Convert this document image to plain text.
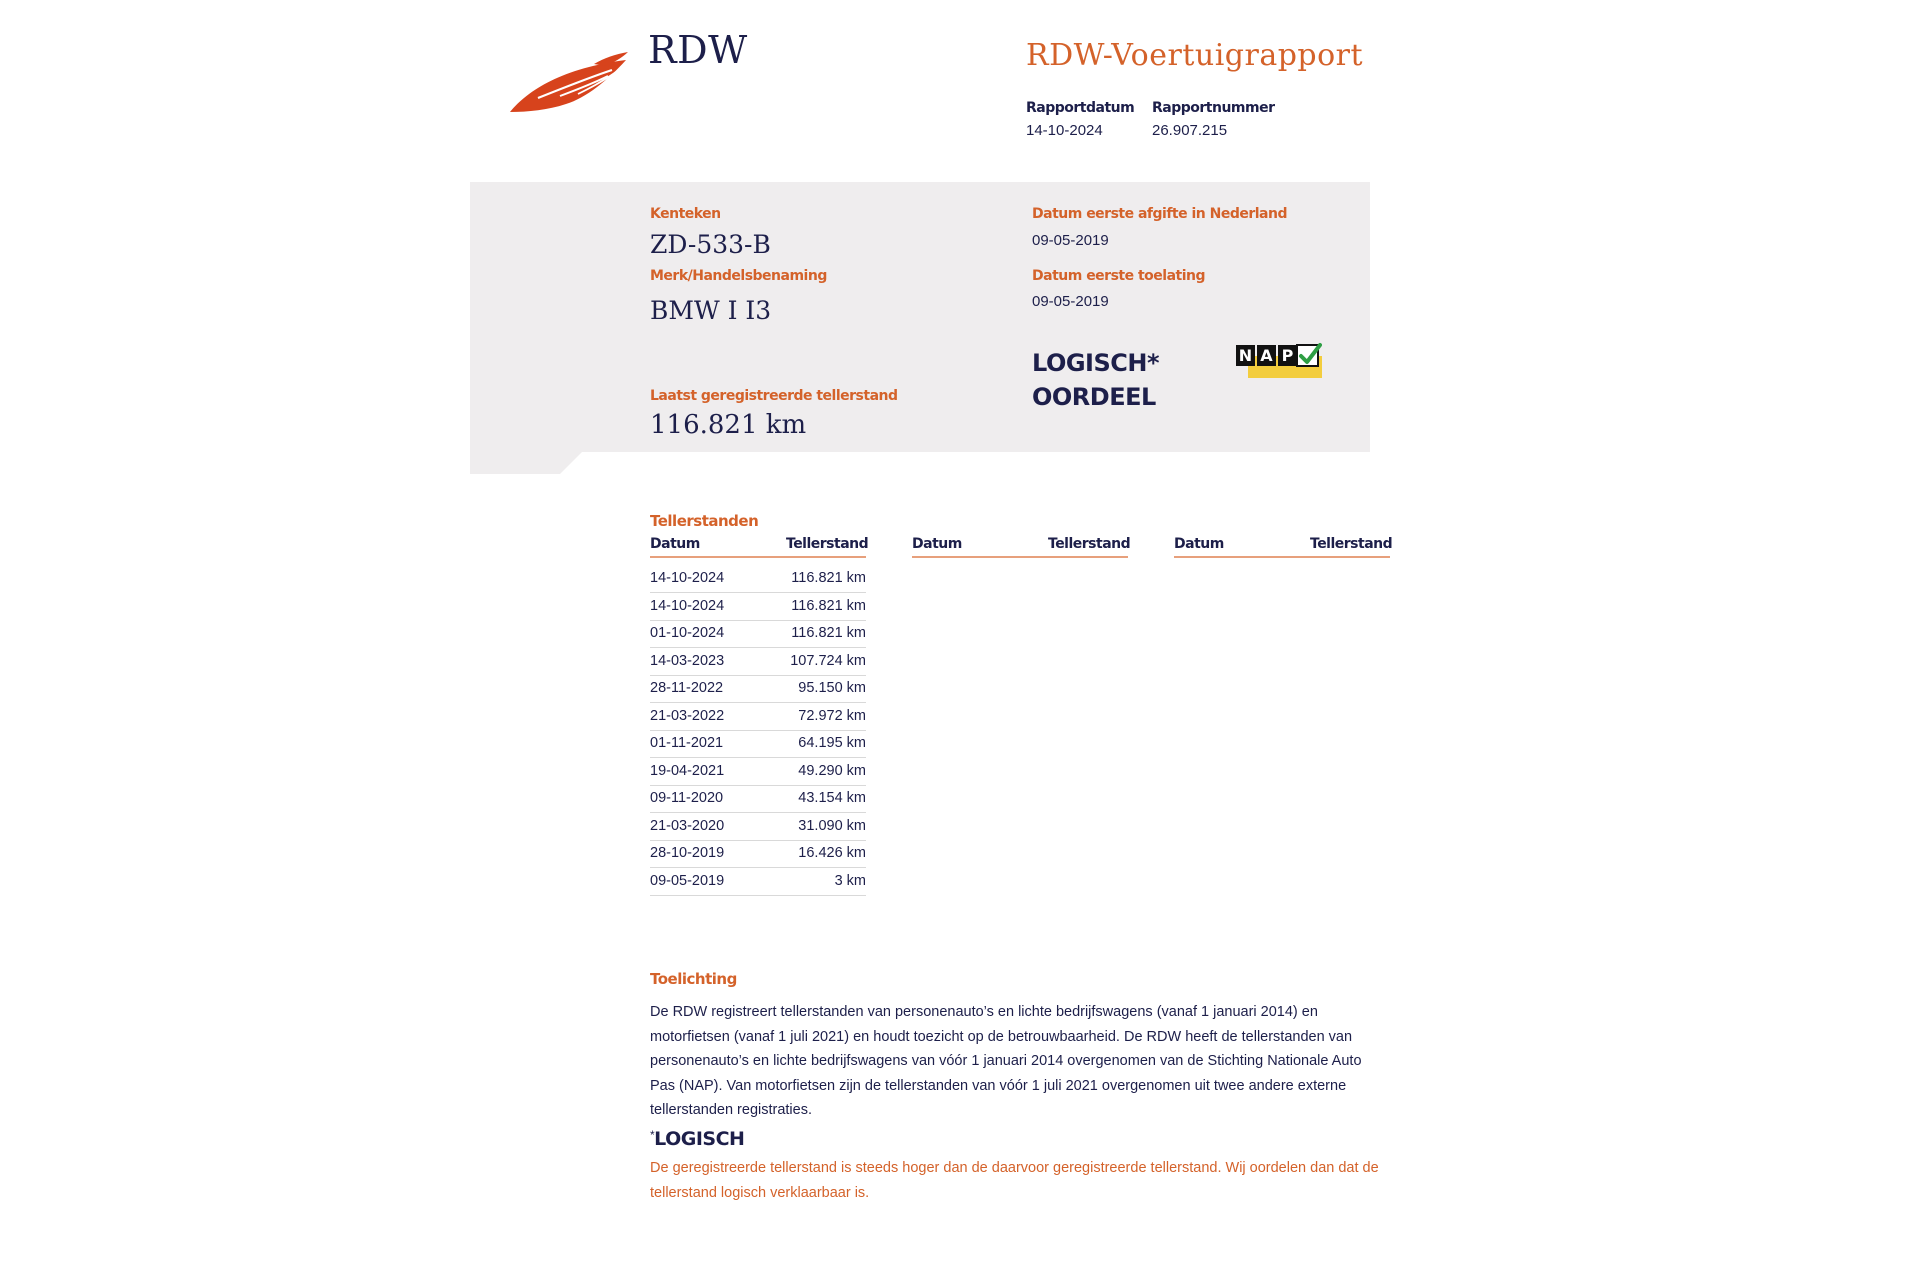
RDW	RDW-Voertuigrapport
Rapportdatum
14-10-2024
Rapportnummer
26.907.215
Kenteken
ZD-533-B
Merk/Handelsbenaming
BMW I I3
Laatst geregistreerde tellerstand
116.821 km
Datum eerste afgifte in Nederland
09-05-2019
Datum eerste toelating
09-05-2019
LOGISCH*
OORDEEL
N A P
Tellerstanden
Datum	Tellerstand	Datum	Tellerstand	Datum	Tellerstand
14-10-2024	116.821 km
14-10-2024	116.821 km
01-10-2024	116.821 km
14-03-2023	107.724 km
28-11-2022	95.150 km
21-03-2022	72.972 km
01-11-2021	64.195 km
19-04-2021	49.290 km
09-11-2020	43.154 km
21-03-2020	31.090 km
28-10-2019	16.426 km
09-05-2019	3 km
Toelichting
De RDW registreert tellerstanden van personenauto’s en lichte bedrijfswagens (vanaf 1 januari 2014) en motorfietsen (vanaf 1 juli 2021) en houdt toezicht op de betrouwbaarheid. De RDW heeft de tellerstanden van personenauto’s en lichte bedrijfswagens van vóór 1 januari 2014 overgenomen van de Stichting Nationale Auto Pas (NAP). Van motorfietsen zijn de tellerstanden van vóór 1 juli 2021 overgenomen uit twee andere externe tellerstanden registraties.
*LOGISCH
De geregistreerde tellerstand is steeds hoger dan de daarvoor geregistreerde tellerstand. Wij oordelen dan dat de tellerstand logisch verklaarbaar is.
